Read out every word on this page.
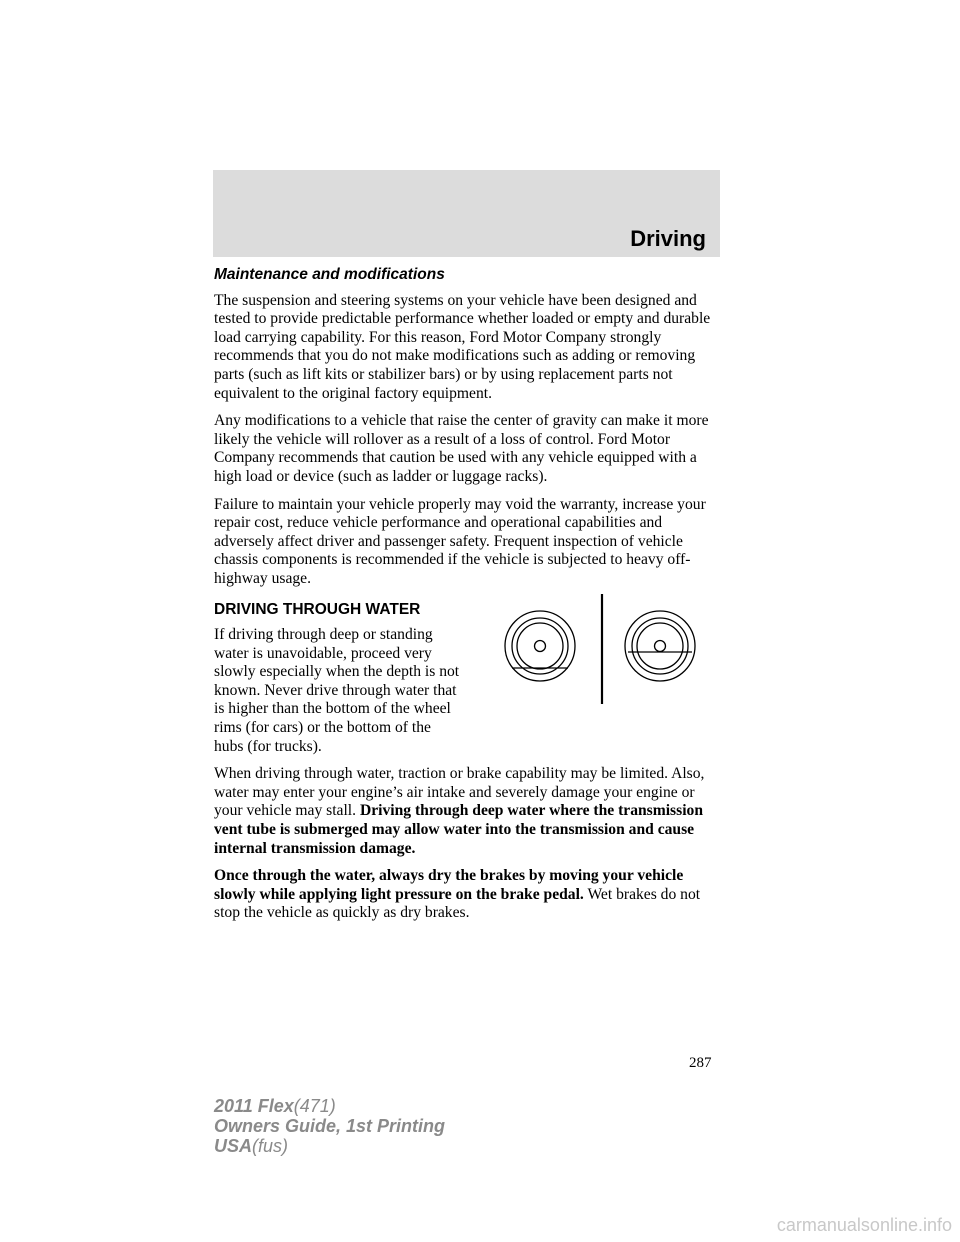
Driving
Maintenance and modifications

The suspension and steering systems on your vehicle have been designed and tested to provide predictable performance whether loaded or empty and durable load carrying capability. For this reason, Ford Motor Company strongly recommends that you do not make modifications such as adding or removing parts (such as lift kits or stabilizer bars) or by using replacement parts not equivalent to the original factory equipment.

Any modifications to a vehicle that raise the center of gravity can make it more likely the vehicle will rollover as a result of a loss of control. Ford Motor Company recommends that caution be used with any vehicle equipped with a high load or device (such as ladder or luggage racks).

Failure to maintain your vehicle properly may void the warranty, increase your repair cost, reduce vehicle performance and operational capabilities and adversely affect driver and passenger safety. Frequent inspection of vehicle chassis components is recommended if the vehicle is subjected to heavy off-highway usage.

DRIVING THROUGH WATER

If driving through deep or standing water is unavoidable, proceed very slowly especially when the depth is not known. Never drive through water that is higher than the bottom of the wheel rims (for cars) or the bottom of the hubs (for trucks).

When driving through water, traction or brake capability may be limited. Also, water may enter your engine’s air intake and severely damage your engine or your vehicle may stall. Driving through deep water where the transmission vent tube is submerged may allow water into the transmission and cause internal transmission damage.

Once through the water, always dry the brakes by moving your vehicle slowly while applying light pressure on the brake pedal. Wet brakes do not stop the vehicle as quickly as dry brakes.

287
2011 Flex(471)
Owners Guide, 1st Printing
USA(fus)
carmanualsonline.info
